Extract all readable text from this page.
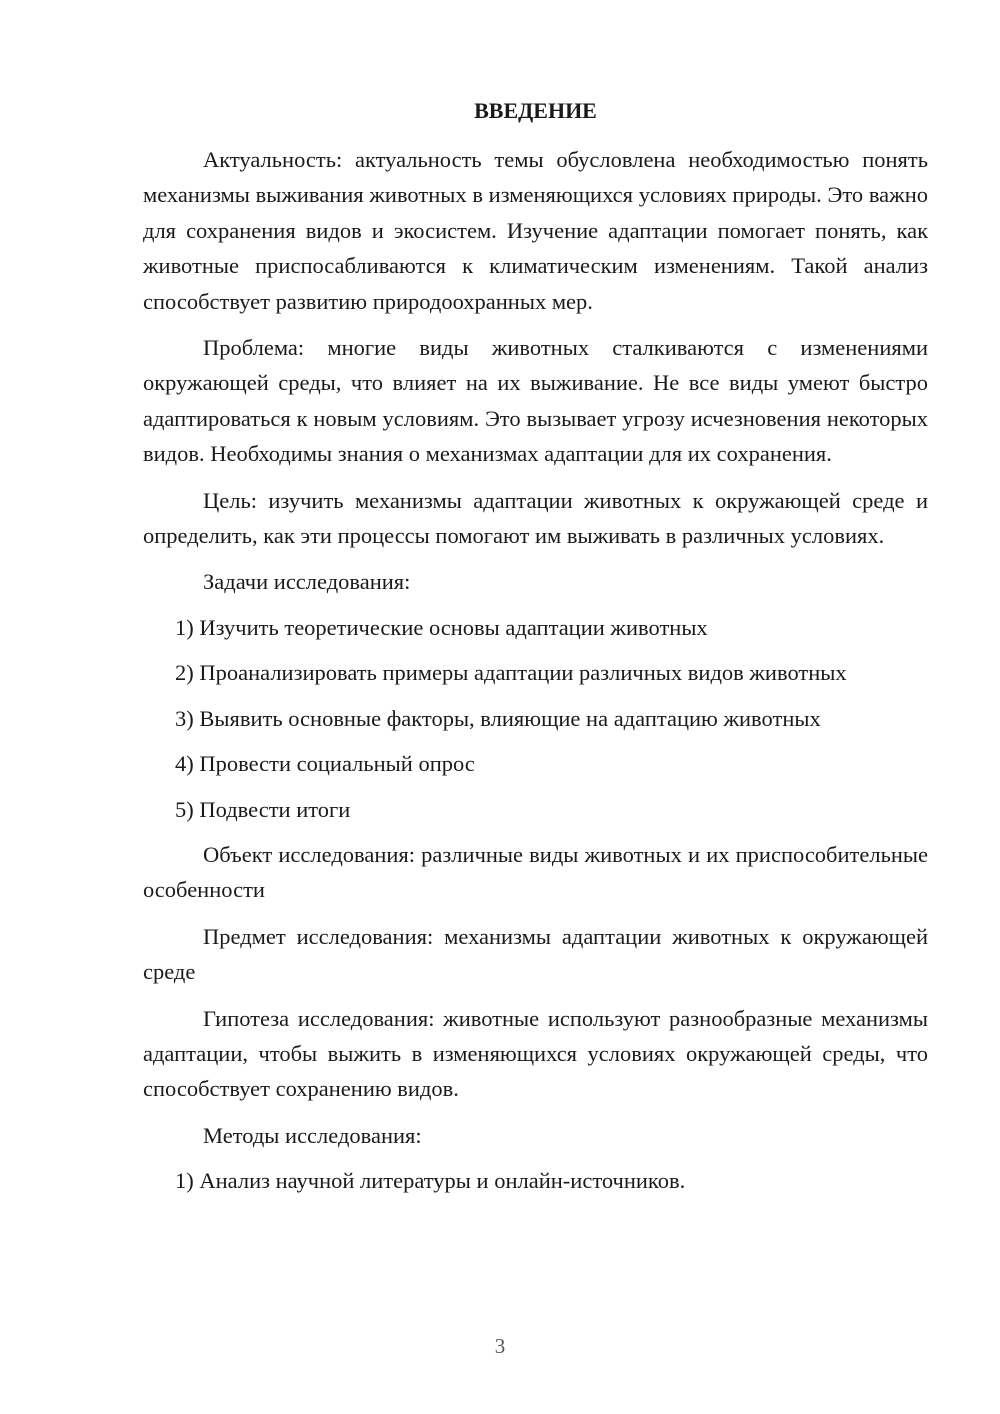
ВВЕДЕНИЕ

Актуальность: актуальность темы обусловлена необходимостью понять механизмы выживания животных в изменяющихся условиях природы. Это важно для сохранения видов и экосистем. Изучение адаптации помогает понять, как животные приспосабливаются к климатическим изменениям. Такой анализ способствует развитию природоохранных мер.

Проблема: многие виды животных сталкиваются с изменениями окружающей среды, что влияет на их выживание. Не все виды умеют быстро адаптироваться к новым условиям. Это вызывает угрозу исчезновения некоторых видов. Необходимы знания о механизмах адаптации для их сохранения.

Цель: изучить механизмы адаптации животных к окружающей среде и определить, как эти процессы помогают им выживать в различных условиях.

Задачи исследования:
1) Изучить теоретические основы адаптации животных
2) Проанализировать примеры адаптации различных видов животных
3) Выявить основные факторы, влияющие на адаптацию животных
4) Провести социальный опрос
5) Подвести итоги

Объект исследования: различные виды животных и их приспособительные особенности

Предмет исследования: механизмы адаптации животных к окружающей среде

Гипотеза исследования: животные используют разнообразные механизмы адаптации, чтобы выжить в изменяющихся условиях окружающей среды, что способствует сохранению видов.

Методы исследования:
1) Анализ научной литературы и онлайн-источников.
3
